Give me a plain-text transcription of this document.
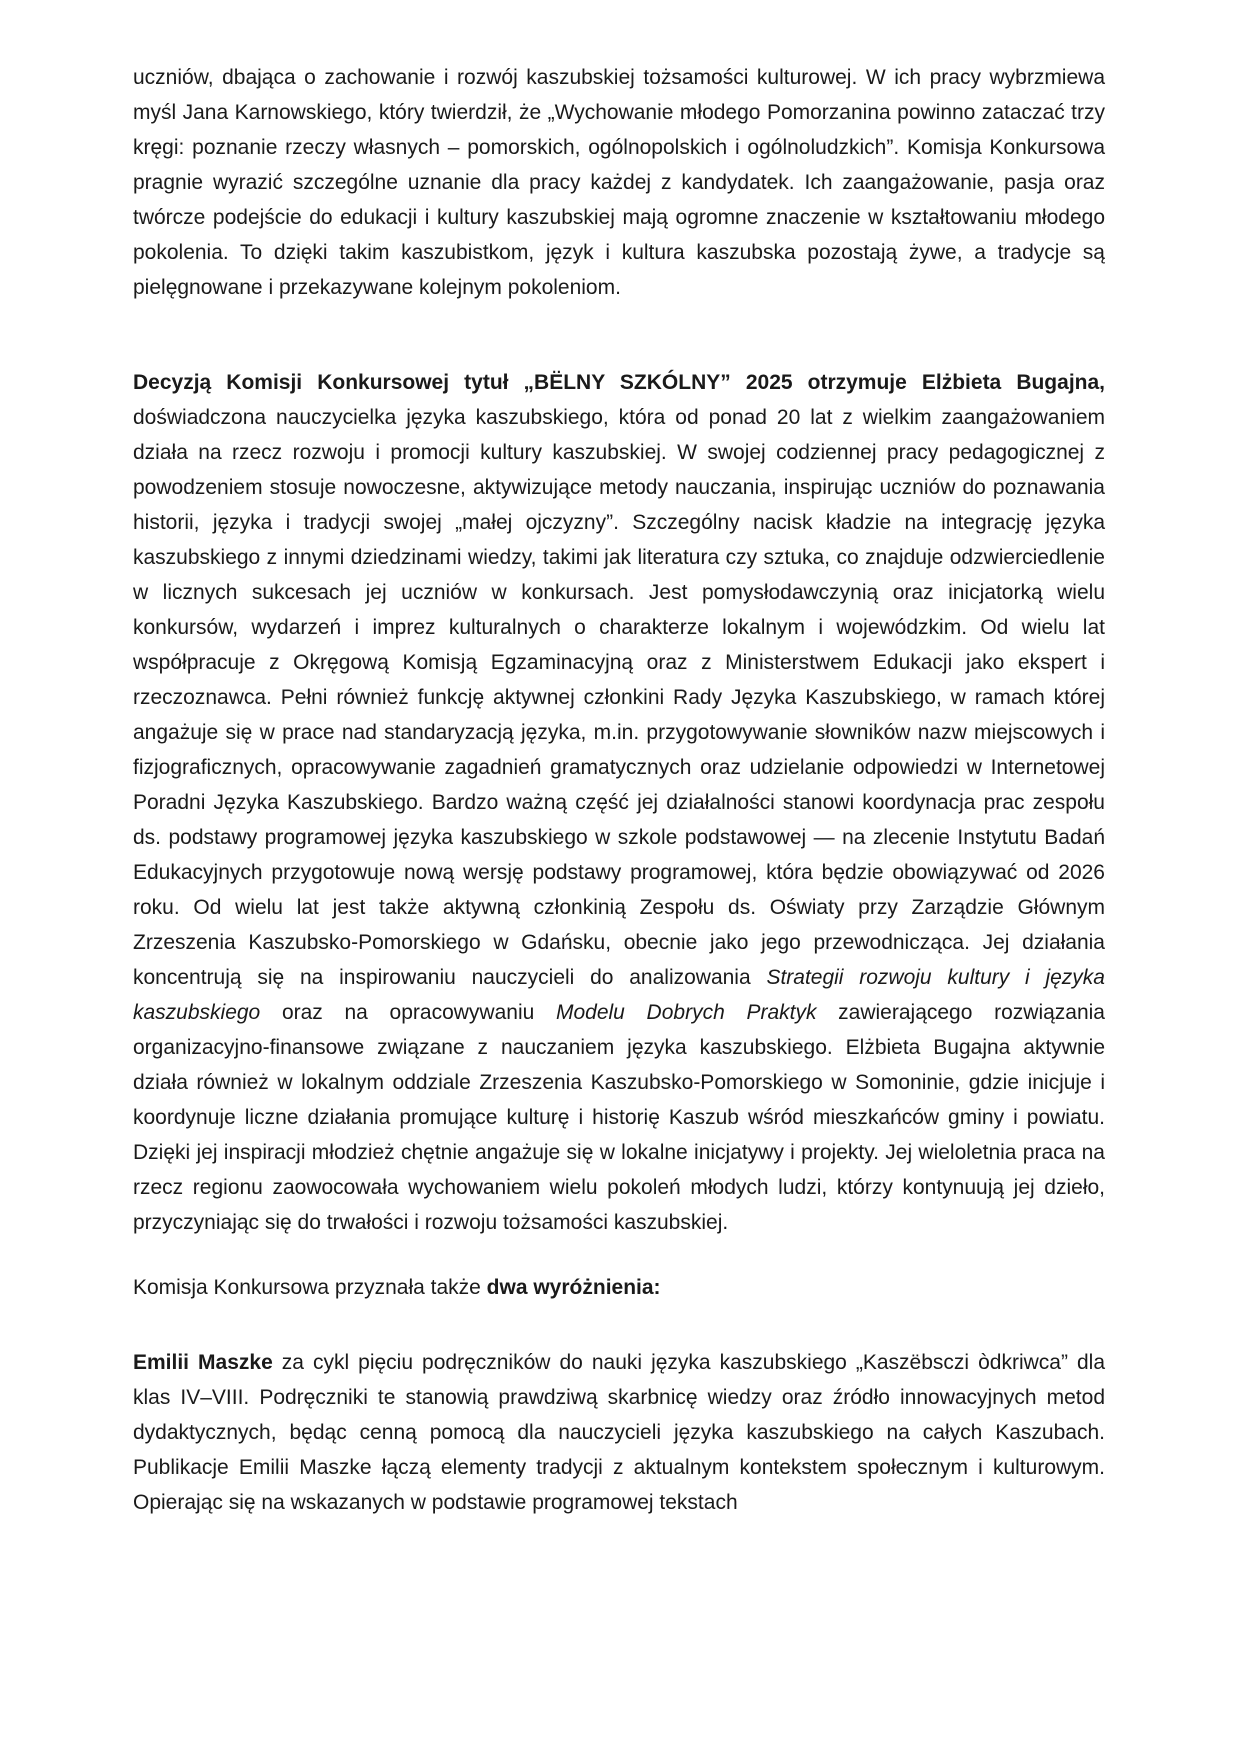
uczniów, dbająca o zachowanie i rozwój kaszubskiej tożsamości kulturowej. W ich pracy wybrzmiewa myśl Jana Karnowskiego, który twierdził, że „Wychowanie młodego Pomorzanina powinno zataczać trzy kręgi: poznanie rzeczy własnych – pomorskich, ogólnopolskich i ogólnoludzkich”. Komisja Konkursowa pragnie wyrazić szczególne uznanie dla pracy każdej z kandydatek. Ich zaangażowanie, pasja oraz twórcze podejście do edukacji i kultury kaszubskiej mają ogromne znaczenie w kształtowaniu młodego pokolenia. To dzięki takim kaszubistkom, język i kultura kaszubska pozostają żywe, a tradycje są pielęgnowane i przekazywane kolejnym pokoleniom.

Decyzją Komisji Konkursowej tytuł „BËLNY SZKÓLNY” 2025 otrzymuje Elżbieta Bugajna, doświadczona nauczycielka języka kaszubskiego, która od ponad 20 lat z wielkim zaangażowaniem działa na rzecz rozwoju i promocji kultury kaszubskiej. W swojej codziennej pracy pedagogicznej z powodzeniem stosuje nowoczesne, aktywizujące metody nauczania, inspirując uczniów do poznawania historii, języka i tradycji swojej „małej ojczyzny”. Szczególny nacisk kładzie na integrację języka kaszubskiego z innymi dziedzinami wiedzy, takimi jak literatura czy sztuka, co znajduje odzwierciedlenie w licznych sukcesach jej uczniów w konkursach. Jest pomysłodawczynią oraz inicjatorką wielu konkursów, wydarzeń i imprez kulturalnych o charakterze lokalnym i wojewódzkim. Od wielu lat współpracuje z Okręgową Komisją Egzaminacyjną oraz z Ministerstwem Edukacji jako ekspert i rzeczoznawca. Pełni również funkcję aktywnej członkini Rady Języka Kaszubskiego, w ramach której angażuje się w prace nad standaryzacją języka, m.in. przygotowywanie słowników nazw miejscowych i fizjograficznych, opracowywanie zagadnień gramatycznych oraz udzielanie odpowiedzi w Internetowej Poradni Języka Kaszubskiego. Bardzo ważną część jej działalności stanowi koordynacja prac zespołu ds. podstawy programowej języka kaszubskiego w szkole podstawowej — na zlecenie Instytutu Badań Edukacyjnych przygotowuje nową wersję podstawy programowej, która będzie obowiązywać od 2026 roku. Od wielu lat jest także aktywną członkinią Zespołu ds. Oświaty przy Zarządzie Głównym Zrzeszenia Kaszubsko-Pomorskiego w Gdańsku, obecnie jako jego przewodnicząca. Jej działania koncentrują się na inspirowaniu nauczycieli do analizowania Strategii rozwoju kultury i języka kaszubskiego oraz na opracowywaniu Modelu Dobrych Praktyk zawierającego rozwiązania organizacyjno-finansowe związane z nauczaniem języka kaszubskiego. Elżbieta Bugajna aktywnie działa również w lokalnym oddziale Zrzeszenia Kaszubsko-Pomorskiego w Somoninie, gdzie inicjuje i koordynuje liczne działania promujące kulturę i historię Kaszub wśród mieszkańców gminy i powiatu. Dzięki jej inspiracji młodzież chętnie angażuje się w lokalne inicjatywy i projekty. Jej wieloletnia praca na rzecz regionu zaowocowała wychowaniem wielu pokoleń młodych ludzi, którzy kontynuują jej dzieło, przyczyniając się do trwałości i rozwoju tożsamości kaszubskiej.

Komisja Konkursowa przyznała także dwa wyróżnienia:

Emilii Maszke za cykl pięciu podręczników do nauki języka kaszubskiego „Kaszëbsczi òdkriwca” dla klas IV–VIII. Podręczniki te stanowią prawdziwą skarbnicę wiedzy oraz źródło innowacyjnych metod dydaktycznych, będąc cenną pomocą dla nauczycieli języka kaszubskiego na całych Kaszubach. Publikacje Emilii Maszke łączą elementy tradycji z aktualnym kontekstem społecznym i kulturowym. Opierając się na wskazanych w podstawie programowej tekstach
